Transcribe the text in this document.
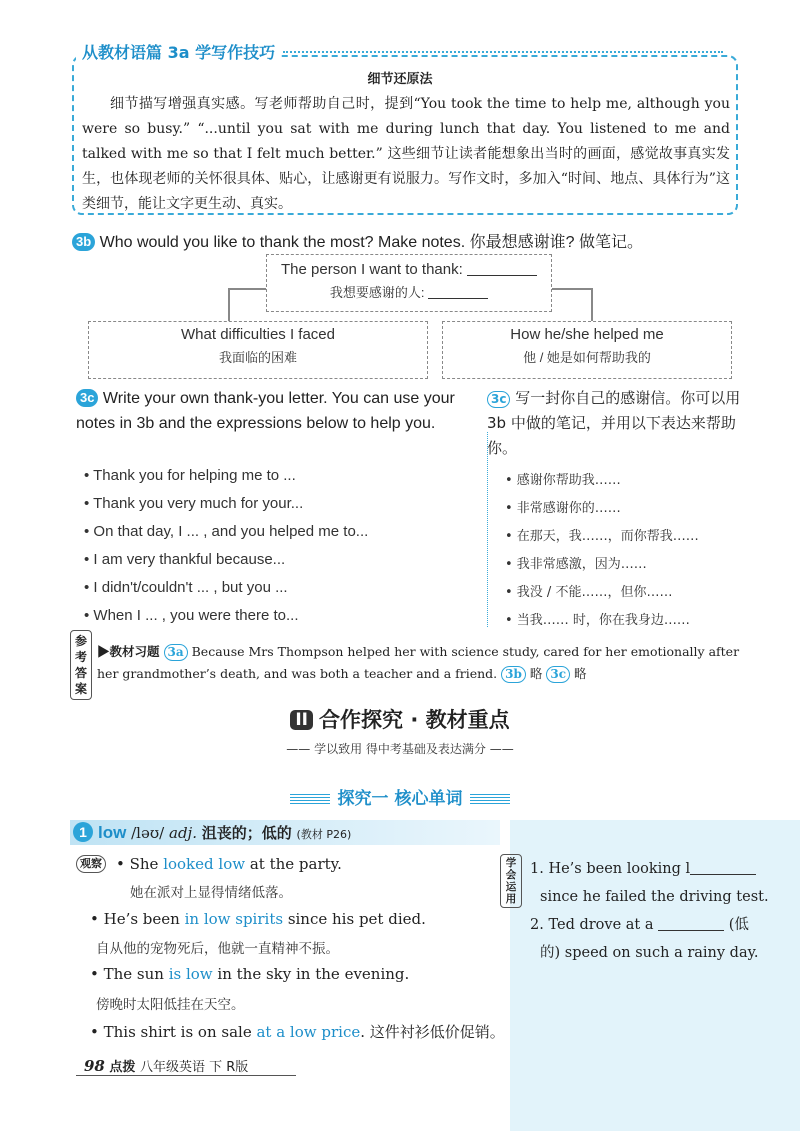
从教材语篇 3a 学写作技巧
细节还原法
细节描写增强真实感。写老师帮助自己时，提到“You took the time to help me, although you were so busy.” “...until you sat with me during lunch that day. You listened to me and talked with me so that I felt much better.” 这些细节让读者能想象出当时的画面，感觉故事真实发生，也体现老师的关怀很具体、贴心，让感谢更有说服力。写作文时，多加入“时间、地点、具体行为”这类细节，能让文字更生动、真实。
3b Who would you like to thank the most? Make notes. 你最想感谢谁? 做笔记。
The person I want to thank:
我想要感谢的人:
What difficulties I faced
我面临的困难
How he/she helped me
他 / 她是如何帮助我的
3c Write your own thank-you letter. You can use your notes in 3b and the expressions below to help you.
3c 写一封你自己的感谢信。你可以用 3b 中做的笔记，并用以下表达来帮助你。
• Thank you for helping me to ...
• Thank you very much for your...
• On that day, I ... , and you helped me to...
• I am very thankful because...
• I didn't/couldn't ... , but you ...
• When I ... , you were there to...
• 感谢你帮助我……
• 非常感谢你的……
• 在那天，我……，而你帮我……
• 我非常感激，因为……
• 我没 / 不能……，但你……
• 当我…… 时，你在我身边……
参考答案
▶教材习题 3a Because Mrs Thompson helped her with science study, cared for her emotionally after her grandmother’s death, and was both a teacher and a friend. 3b 略 3c 略
II 合作探究 · 教材重点
—— 学以致用 得中考基础及表达满分 ——
探究一 核心单词
1 low /ləʊ/ adj. 沮丧的；低的 (教材 P26)
观察 • She looked low at the party.
她在派对上显得情绪低落。
• He’s been in low spirits since his pet died.
自从他的宠物死后，他就一直精神不振。
• The sun is low in the sky in the evening.
傍晚时太阳低挂在天空。
• This shirt is on sale at a low price. 这件衬衫低价促销。
学会运用
1. He’s been looking l
since he failed the driving test.
2. Ted drove at a	(低
的) speed on such a rainy day.
98 点拨 八年级英语 下 R版
